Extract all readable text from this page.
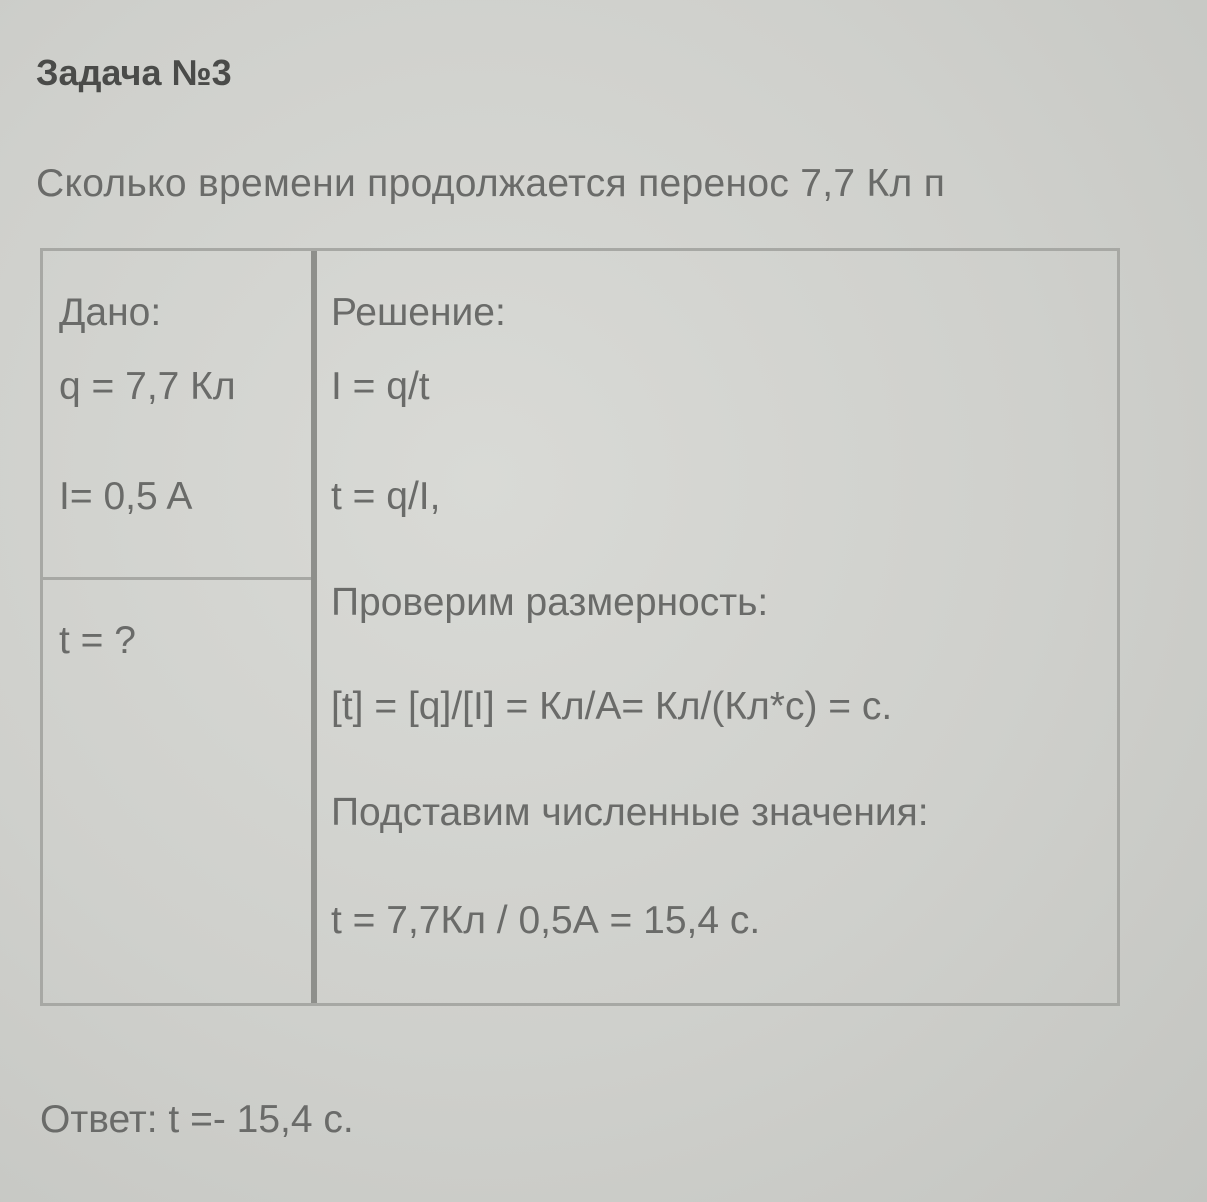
Задача №3
Сколько времени продолжается перенос 7,7 Кл п
Дано:
q = 7,7 Кл
I= 0,5 A
t = ?
Решение:
I = q/t
t = q/I,
Проверим размерность:
[t] = [q]/[I] = Кл/A= Кл/(Кл*с) = с.
Подставим численные значения:
t = 7,7Кл / 0,5А = 15,4 с.
Ответ: t =- 15,4 с.
